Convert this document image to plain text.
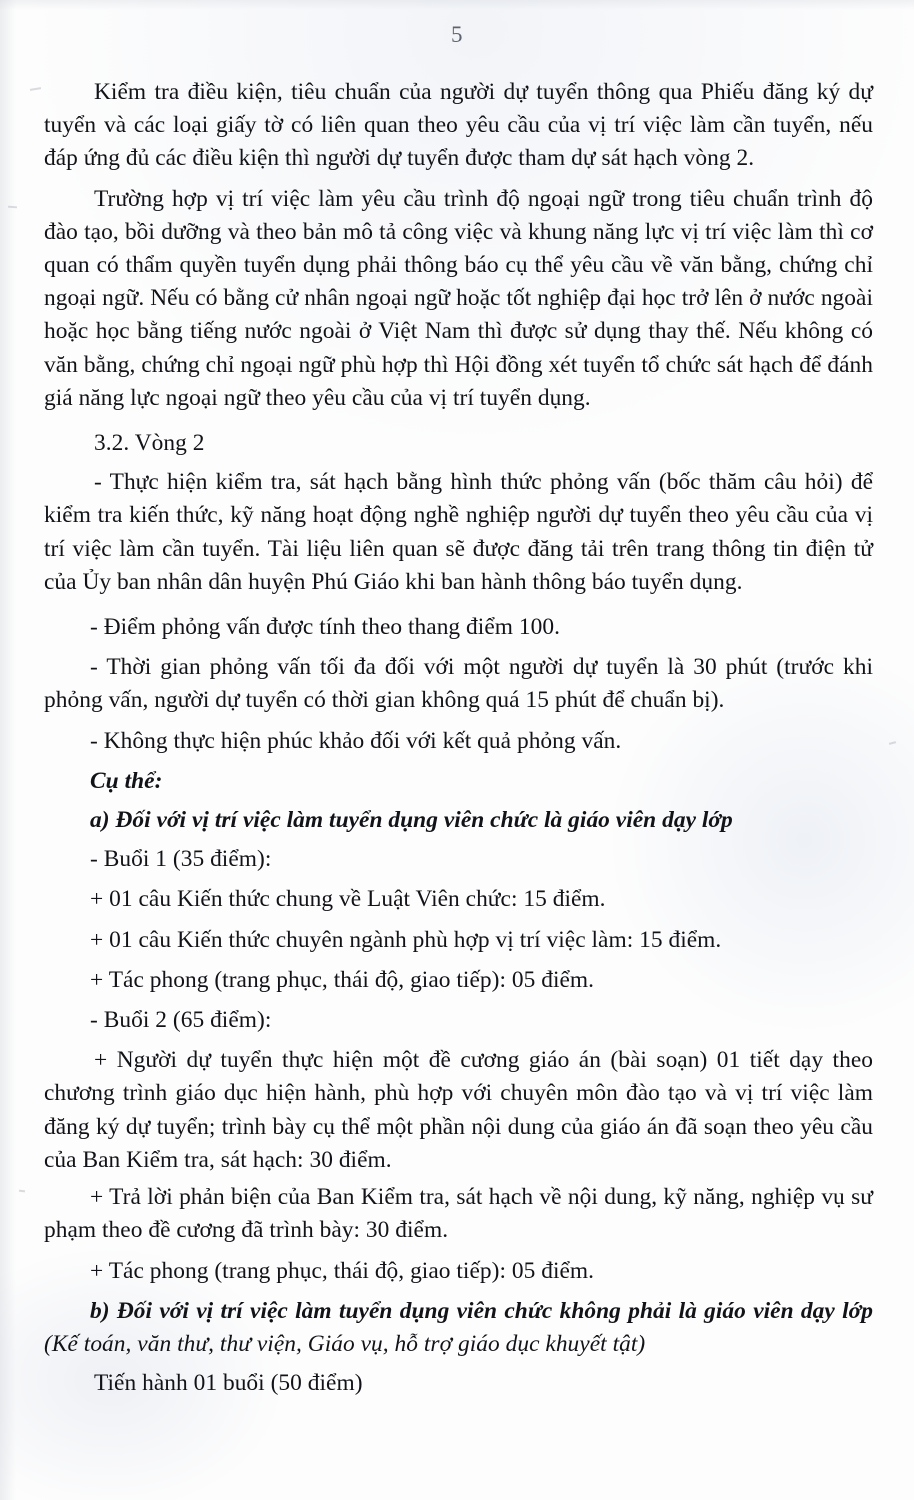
5

Kiểm tra điều kiện, tiêu chuẩn của người dự tuyển thông qua Phiếu đăng ký dự tuyển và các loại giấy tờ có liên quan theo yêu cầu của vị trí việc làm cần tuyển, nếu đáp ứng đủ các điều kiện thì người dự tuyển được tham dự sát hạch vòng 2.

Trường hợp vị trí việc làm yêu cầu trình độ ngoại ngữ trong tiêu chuẩn trình độ đào tạo, bồi dưỡng và theo bản mô tả công việc và khung năng lực vị trí việc làm thì cơ quan có thẩm quyền tuyển dụng phải thông báo cụ thể yêu cầu về văn bằng, chứng chỉ ngoại ngữ. Nếu có bằng cử nhân ngoại ngữ hoặc tốt nghiệp đại học trở lên ở nước ngoài hoặc học bằng tiếng nước ngoài ở Việt Nam thì được sử dụng thay thế. Nếu không có văn bằng, chứng chỉ ngoại ngữ phù hợp thì Hội đồng xét tuyển tổ chức sát hạch để đánh giá năng lực ngoại ngữ theo yêu cầu của vị trí tuyển dụng.

3.2. Vòng 2

- Thực hiện kiểm tra, sát hạch bằng hình thức phỏng vấn (bốc thăm câu hỏi) để kiểm tra kiến thức, kỹ năng hoạt động nghề nghiệp người dự tuyển theo yêu cầu của vị trí việc làm cần tuyển. Tài liệu liên quan sẽ được đăng tải trên trang thông tin điện tử của Ủy ban nhân dân huyện Phú Giáo khi ban hành thông báo tuyển dụng.

- Điểm phỏng vấn được tính theo thang điểm 100.

- Thời gian phỏng vấn tối đa đối với một người dự tuyển là 30 phút (trước khi phỏng vấn, người dự tuyển có thời gian không quá 15 phút để chuẩn bị).

- Không thực hiện phúc khảo đối với kết quả phỏng vấn.

Cụ thể:

a) Đối với vị trí việc làm tuyển dụng viên chức là giáo viên dạy lớp

- Buổi 1 (35 điểm):

+ 01 câu Kiến thức chung về Luật Viên chức: 15 điểm.

+ 01 câu Kiến thức chuyên ngành phù hợp vị trí việc làm: 15 điểm.

+ Tác phong (trang phục, thái độ, giao tiếp): 05 điểm.

- Buổi 2 (65 điểm):

+ Người dự tuyển thực hiện một đề cương giáo án (bài soạn) 01 tiết dạy theo chương trình giáo dục hiện hành, phù hợp với chuyên môn đào tạo và vị trí việc làm đăng ký dự tuyển; trình bày cụ thể một phần nội dung của giáo án đã soạn theo yêu cầu của Ban Kiểm tra, sát hạch: 30 điểm.

+ Trả lời phản biện của Ban Kiểm tra, sát hạch về nội dung, kỹ năng, nghiệp vụ sư phạm theo đề cương đã trình bày: 30 điểm.

+ Tác phong (trang phục, thái độ, giao tiếp): 05 điểm.

b) Đối với vị trí việc làm tuyển dụng viên chức không phải là giáo viên dạy lớp (Kế toán, văn thư, thư viện, Giáo vụ, hỗ trợ giáo dục khuyết tật)

Tiến hành 01 buổi (50 điểm)
